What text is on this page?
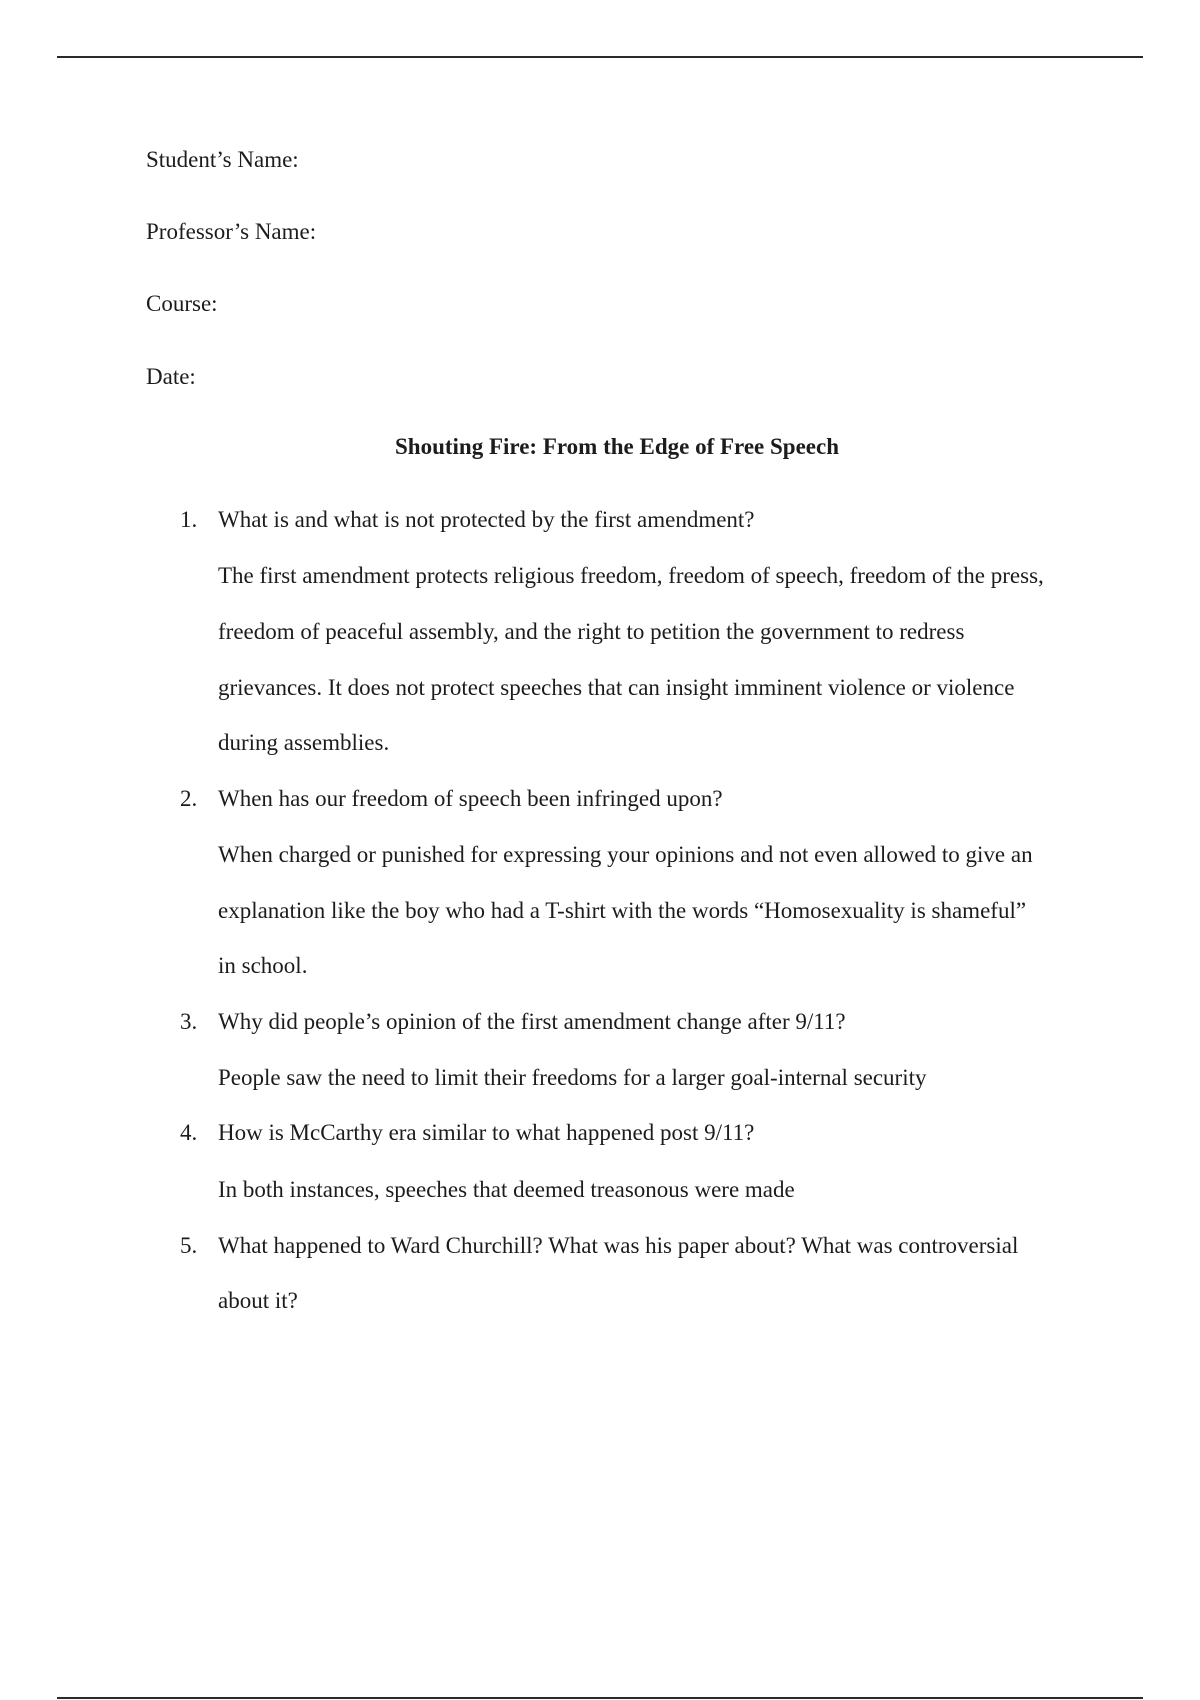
Student’s Name:
Professor’s Name:
Course:
Date:
Shouting Fire: From the Edge of Free Speech
1. What is and what is not protected by the first amendment?
The first amendment protects religious freedom, freedom of speech, freedom of the press,
freedom of peaceful assembly, and the right to petition the government to redress
grievances. It does not protect speeches that can insight imminent violence or violence
during assemblies.
2. When has our freedom of speech been infringed upon?
When charged or punished for expressing your opinions and not even allowed to give an
explanation like the boy who had a T-shirt with the words “Homosexuality is shameful”
in school.
3. Why did people’s opinion of the first amendment change after 9/11?
People saw the need to limit their freedoms for a larger goal-internal security
4. How is McCarthy era similar to what happened post 9/11?
In both instances, speeches that deemed treasonous were made
5. What happened to Ward Churchill? What was his paper about? What was controversial
about it?
